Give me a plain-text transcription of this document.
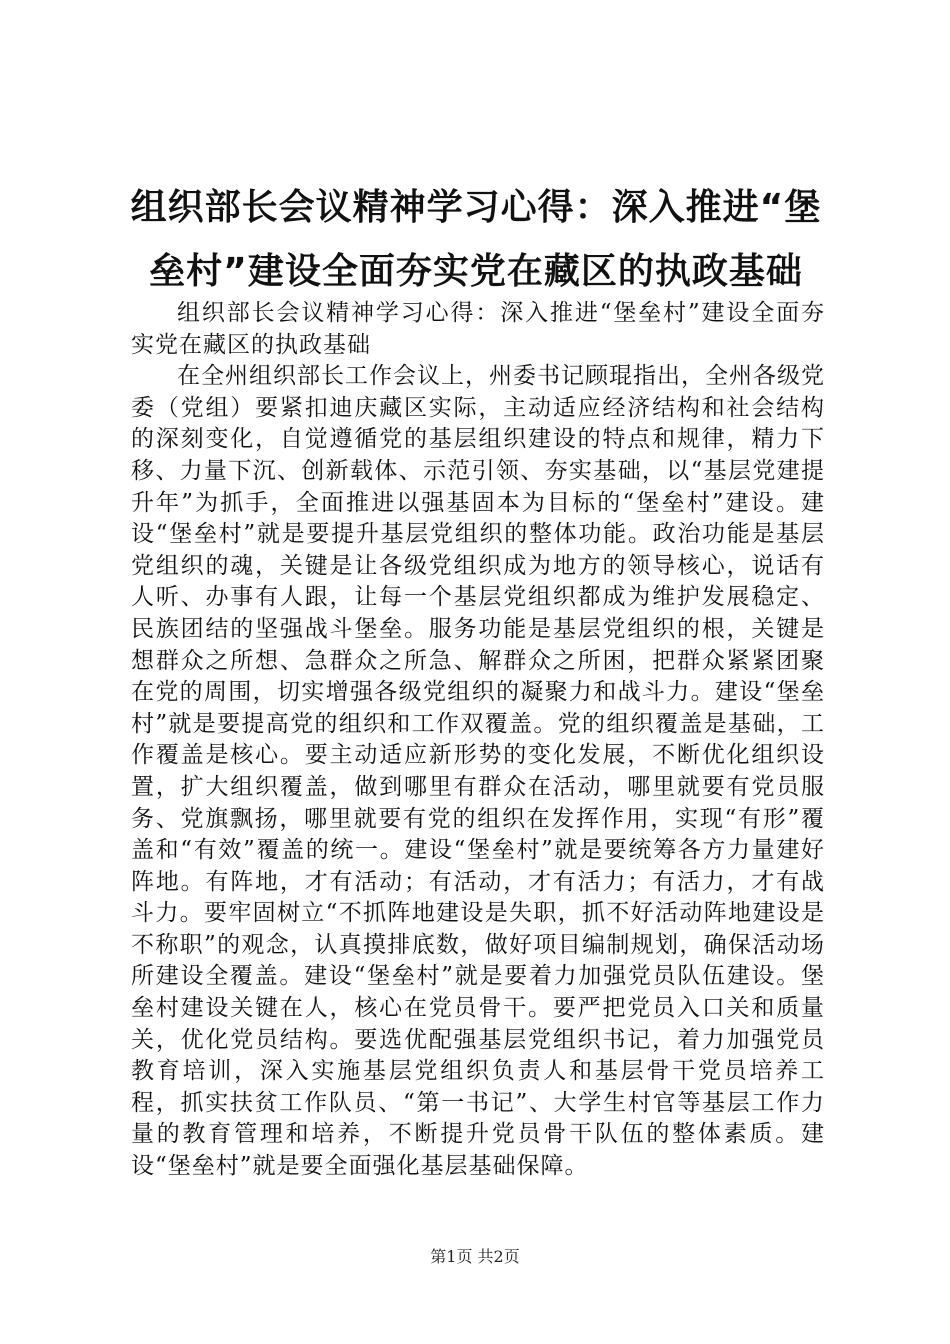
组织部长会议精神学习心得：深入推进“堡垒村”建设全面夯实党在藏区的执政基础

组织部长会议精神学习心得：深入推进“堡垒村”建设全面夯实党在藏区的执政基础

在全州组织部长工作会议上，州委书记顾琨指出，全州各级党委（党组）要紧扣迪庆藏区实际，主动适应经济结构和社会结构的深刻变化，自觉遵循党的基层组织建设的特点和规律，精力下移、力量下沉、创新载体、示范引领、夯实基础，以“基层党建提升年”为抓手，全面推进以强基固本为目标的“堡垒村”建设。建设“堡垒村”就是要提升基层党组织的整体功能。政治功能是基层党组织的魂，关键是让各级党组织成为地方的领导核心，说话有人听、办事有人跟，让每一个基层党组织都成为维护发展稳定、民族团结的坚强战斗堡垒。服务功能是基层党组织的根，关键是想群众之所想、急群众之所急、解群众之所困，把群众紧紧团聚在党的周围，切实增强各级党组织的凝聚力和战斗力。建设“堡垒村”就是要提高党的组织和工作双覆盖。党的组织覆盖是基础，工作覆盖是核心。要主动适应新形势的变化发展，不断优化组织设置，扩大组织覆盖，做到哪里有群众在活动，哪里就要有党员服务、党旗飘扬，哪里就要有党的组织在发挥作用，实现“有形”覆盖和“有效”覆盖的统一。建设“堡垒村”就是要统筹各方力量建好阵地。有阵地，才有活动；有活动，才有活力；有活力，才有战斗力。要牢固树立“不抓阵地建设是失职，抓不好活动阵地建设是不称职”的观念，认真摸排底数，做好项目编制规划，确保活动场所建设全覆盖。建设“堡垒村”就是要着力加强党员队伍建设。堡垒村建设关键在人，核心在党员骨干。要严把党员入口关和质量关，优化党员结构。要选优配强基层党组织书记，着力加强党员教育培训，深入实施基层党组织负责人和基层骨干党员培养工程，抓实扶贫工作队员、“第一书记”、大学生村官等基层工作力量的教育管理和培养，不断提升党员骨干队伍的整体素质。建设“堡垒村”就是要全面强化基层基础保障。

第1页 共2页
